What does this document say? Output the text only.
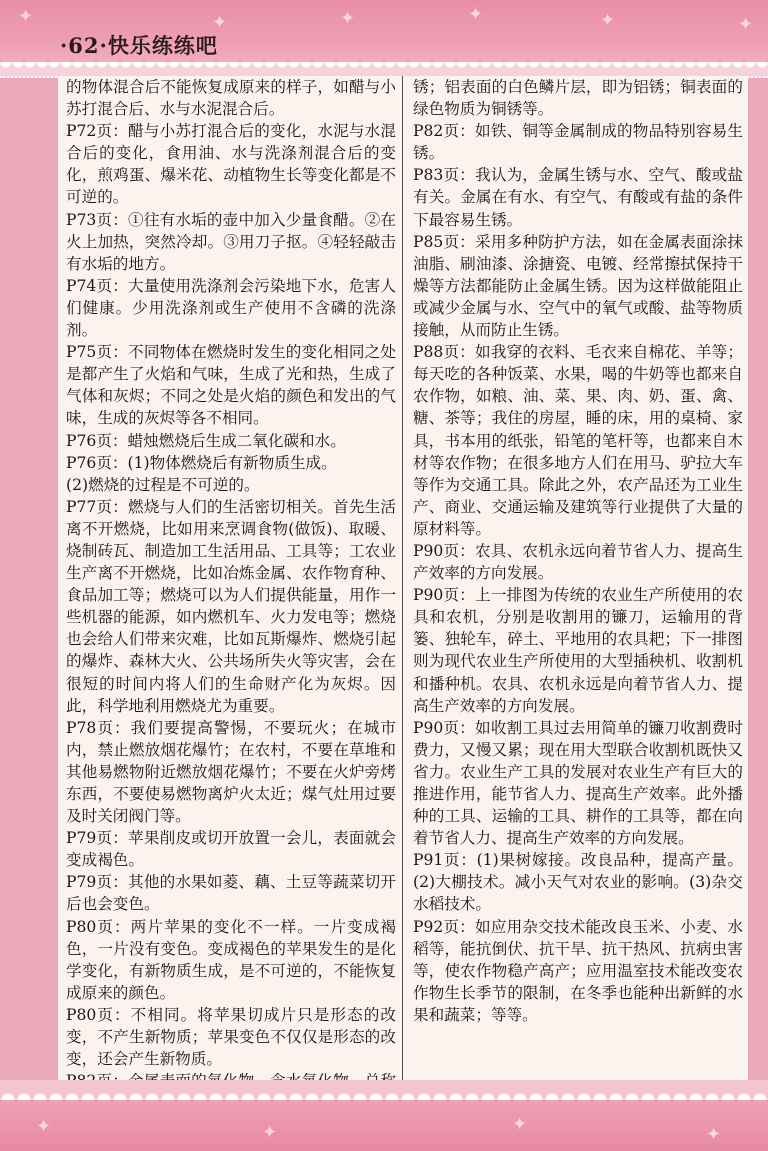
✦	✦	✦	✦	✦	✦
·62·快乐练练吧

的物体混合后不能恢复成原来的样子，如醋与小苏打混合后、水与水泥混合后。

P72页：醋与小苏打混合后的变化，水泥与水混合后的变化，食用油、水与洗涤剂混合后的变化，煎鸡蛋、爆米花、动植物生长等变化都是不可逆的。

P73页：①往有水垢的壶中加入少量食醋。②在火上加热，突然冷却。③用刀子抠。④轻轻敲击有水垢的地方。

P74页：大量使用洗涤剂会污染地下水，危害人们健康。少用洗涤剂或生产使用不含磷的洗涤剂。

P75页：不同物体在燃烧时发生的变化相同之处是都产生了火焰和气味，生成了光和热，生成了气体和灰烬；不同之处是火焰的颜色和发出的气味，生成的灰烬等各不相同。

P76页：蜡烛燃烧后生成二氧化碳和水。

P76页：(1)物体燃烧后有新物质生成。

(2)燃烧的过程是不可逆的。

P77页：燃烧与人们的生活密切相关。首先生活离不开燃烧，比如用来烹调食物(做饭)、取暖、烧制砖瓦、制造加工生活用品、工具等；工农业生产离不开燃烧，比如冶炼金属、农作物育种、食品加工等；燃烧可以为人们提供能量，用作一些机器的能源，如内燃机车、火力发电等；燃烧也会给人们带来灾难，比如瓦斯爆炸、燃烧引起的爆炸、森林大火、公共场所失火等灾害，会在很短的时间内将人们的生命财产化为灰烬。因此，科学地利用燃烧尤为重要。

P78页：我们要提高警惕，不要玩火；在城市内，禁止燃放烟花爆竹；在农村，不要在草堆和其他易燃物附近燃放烟花爆竹；不要在火炉旁烤东西，不要使易燃物离炉火太近；煤气灶用过要及时关闭阀门等。

P79页：苹果削皮或切开放置一会儿，表面就会变成褐色。

P79页：其他的水果如菱、藕、土豆等蔬菜切开后也会变色。

P80页：两片苹果的变化不一样。一片变成褐色，一片没有变色。变成褐色的苹果发生的是化学变化，有新物质生成，是不可逆的，不能恢复成原来的颜色。

P80页：不相同。将苹果切成片只是形态的改变，不产生新物质；苹果变色不仅仅是形态的改变，还会产生新物质。

锈；铝表面的白色鳞片层，即为铝锈；铜表面的绿色物质为铜锈等。

P82页：如铁、铜等金属制成的物品特别容易生锈。

P83页：我认为，金属生锈与水、空气、酸或盐有关。金属在有水、有空气、有酸或有盐的条件下最容易生锈。

P85页：采用多种防护方法，如在金属表面涂抹油脂、刷油漆、涂搪瓷、电镀、经常擦拭保持干燥等方法都能防止金属生锈。因为这样做能阻止或减少金属与水、空气中的氧气或酸、盐等物质接触，从而防止生锈。

P88页：如我穿的衣料、毛衣来自棉花、羊等；每天吃的各种饭菜、水果，喝的牛奶等也都来自农作物，如粮、油、菜、果、肉、奶、蛋、禽、糖、茶等；我住的房屋，睡的床，用的桌椅、家具，书本用的纸张，铅笔的笔杆等，也都来自木材等农作物；在很多地方人们在用马、驴拉大车等作为交通工具。除此之外，农产品还为工业生产、商业、交通运输及建筑等行业提供了大量的原材料等。

P90页：农具、农机永远向着节省人力、提高生产效率的方向发展。

P90页：上一排图为传统的农业生产所使用的农具和农机，分别是收割用的镰刀，运输用的背篓、独轮车，碎土、平地用的农具耙；下一排图则为现代农业生产所使用的大型插秧机、收割机和播种机。农具、农机永远是向着节省人力、提高生产效率的方向发展。

P90页：如收割工具过去用简单的镰刀收割费时费力，又慢又累；现在用大型联合收割机既快又省力。农业生产工具的发展对农业生产有巨大的推进作用，能节省人力、提高生产效率。此外播种的工具、运输的工具、耕作的工具等，都在向着节省人力、提高生产效率的方向发展。

P91页：(1)果树嫁接。改良品种，提高产量。(2)大棚技术。减小天气对农业的影响。(3)杂交水稻技术。

P92页：如应用杂交技术能改良玉米、小麦、水稻等，能抗倒伏、抗干旱、抗干热风、抗病虫害等，使农作物稳产高产；应用温室技术能改变农作物生长季节的限制，在冬季也能种出新鲜的水果和蔬菜；等等。

✦	✦	✦	✦
